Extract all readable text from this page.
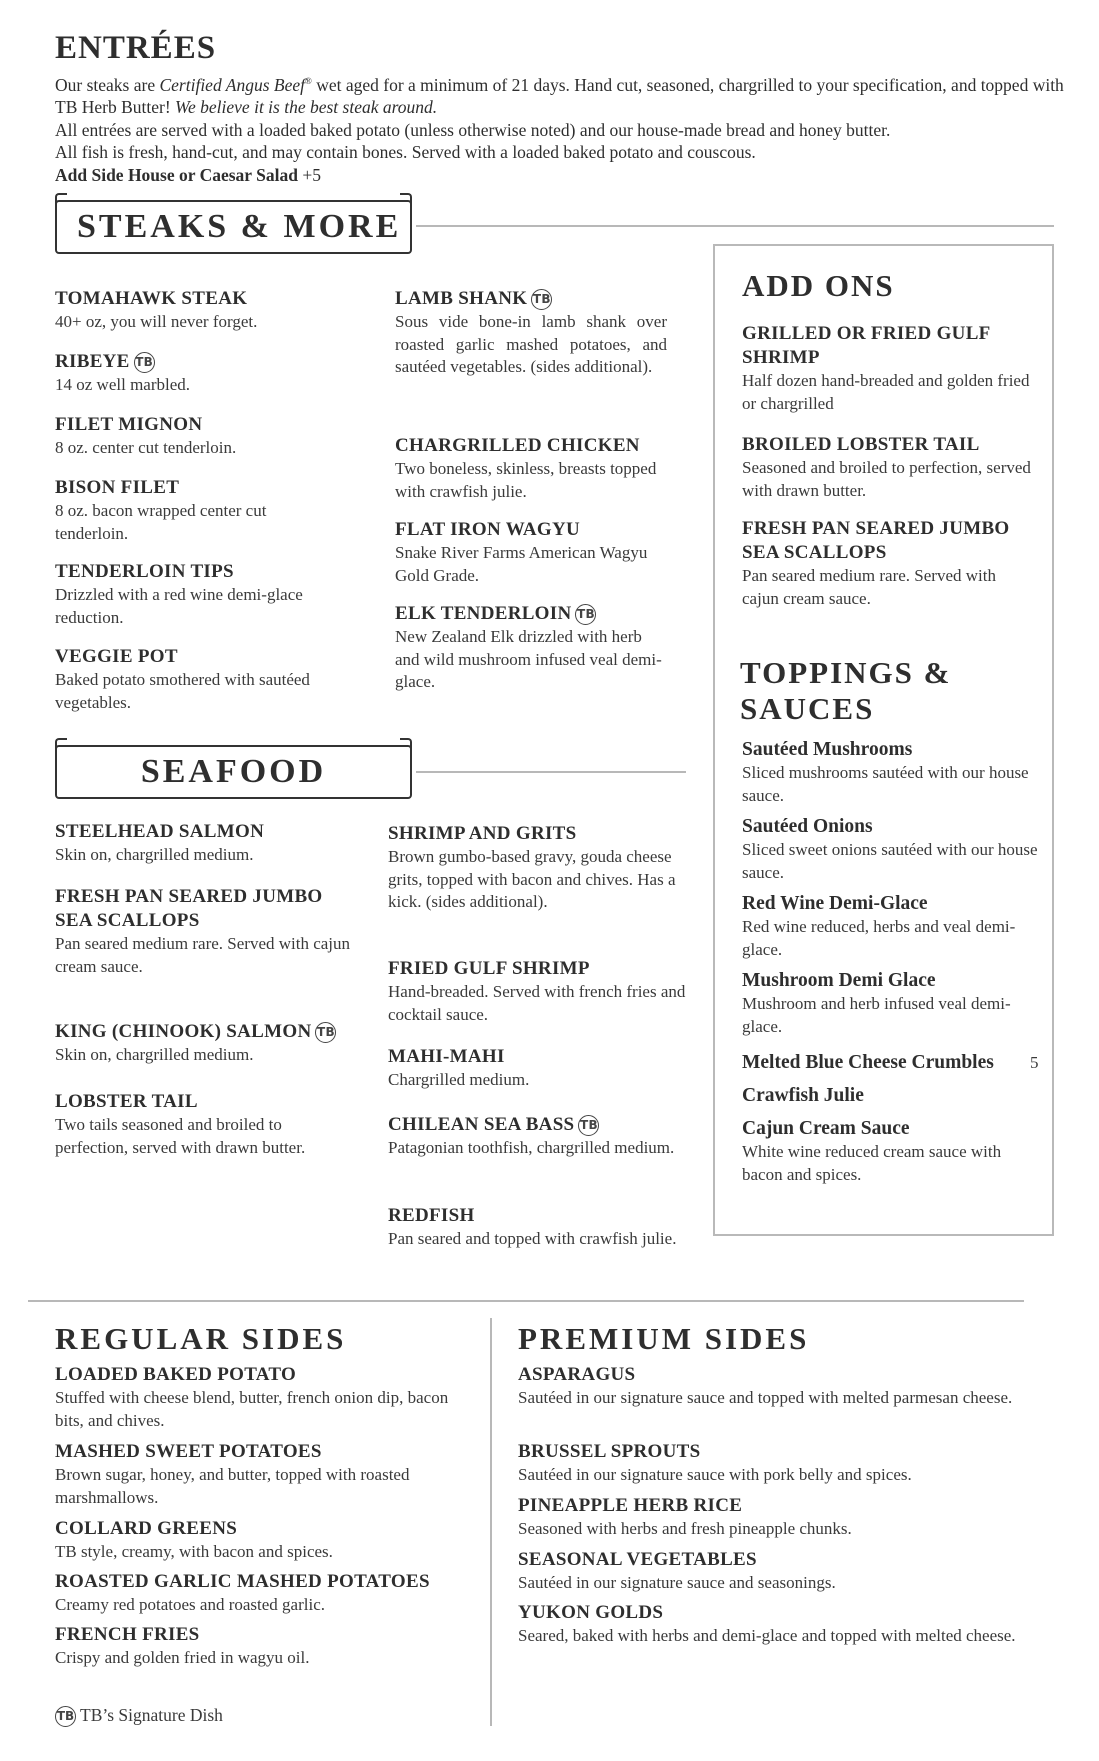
ENTRÉES
Our steaks are Certified Angus Beef® wet aged for a minimum of 21 days. Hand cut, seasoned, chargrilled to your specification, and topped with TB Herb Butter! We believe it is the best steak around.
All entrées are served with a loaded baked potato (unless otherwise noted) and our house-made bread and honey butter.
All fish is fresh, hand-cut, and may contain bones. Served with a loaded baked potato and couscous.
Add Side House or Caesar Salad +5
STEAKS & MORE
TOMAHAWK STEAK
40+ oz, you will never forget.
RIBEYE TB
14 oz well marbled.
FILET MIGNON
8 oz. center cut tenderloin.
BISON FILET
8 oz. bacon wrapped center cut tenderloin.
TENDERLOIN TIPS
Drizzled with a red wine demi-glace reduction.
VEGGIE POT
Baked potato smothered with sautéed vegetables.
LAMB SHANK TB
Sous vide bone-in lamb shank over roasted garlic mashed potatoes, and sautéed vegetables. (sides additional).
CHARGRILLED CHICKEN
Two boneless, skinless, breasts topped with crawfish julie.
FLAT IRON WAGYU
Snake River Farms American Wagyu Gold Grade.
ELK TENDERLOIN TB
New Zealand Elk drizzled with herb and wild mushroom infused veal demi-glace.
SEAFOOD
STEELHEAD SALMON
Skin on, chargrilled medium.
FRESH PAN SEARED JUMBO SEA SCALLOPS
Pan seared medium rare. Served with cajun cream sauce.
KING (CHINOOK) SALMON TB
Skin on, chargrilled medium.
LOBSTER TAIL
Two tails seasoned and broiled to perfection, served with drawn butter.
SHRIMP AND GRITS
Brown gumbo-based gravy, gouda cheese grits, topped with bacon and chives. Has a kick. (sides additional).
FRIED GULF SHRIMP
Hand-breaded. Served with french fries and cocktail sauce.
MAHI-MAHI
Chargrilled medium.
CHILEAN SEA BASS TB
Patagonian toothfish, chargrilled medium.
REDFISH
Pan seared and topped with crawfish julie.
ADD ONS
GRILLED OR FRIED GULF SHRIMP
Half dozen hand-breaded and golden fried or chargrilled
BROILED LOBSTER TAIL
Seasoned and broiled to perfection, served with drawn butter.
FRESH PAN SEARED JUMBO SEA SCALLOPS
Pan seared medium rare. Served with cajun cream sauce.
TOPPINGS & SAUCES
Sautéed Mushrooms
Sliced mushrooms sautéed with our house sauce.
Sautéed Onions
Sliced sweet onions sautéed with our house sauce.
Red Wine Demi-Glace
Red wine reduced, herbs and veal demi-glace.
Mushroom Demi Glace
Mushroom and herb infused veal demi-glace.
Melted Blue Cheese Crumbles	5
Crawfish Julie
Cajun Cream Sauce
White wine reduced cream sauce with bacon and spices.
REGULAR SIDES	PREMIUM SIDES
LOADED BAKED POTATO
Stuffed with cheese blend, butter, french onion dip, bacon bits, and chives.
MASHED SWEET POTATOES
Brown sugar, honey, and butter, topped with roasted marshmallows.
COLLARD GREENS
TB style, creamy, with bacon and spices.
ROASTED GARLIC MASHED POTATOES
Creamy red potatoes and roasted garlic.
FRENCH FRIES
Crispy and golden fried in wagyu oil.
ASPARAGUS
Sautéed in our signature sauce and topped with melted parmesan cheese.
BRUSSEL SPROUTS
Sautéed in our signature sauce with pork belly and spices.
PINEAPPLE HERB RICE
Seasoned with herbs and fresh pineapple chunks.
SEASONAL VEGETABLES
Sautéed in our signature sauce and seasonings.
YUKON GOLDS
Seared, baked with herbs and demi-glace and topped with melted cheese.
TB TB’s Signature Dish
